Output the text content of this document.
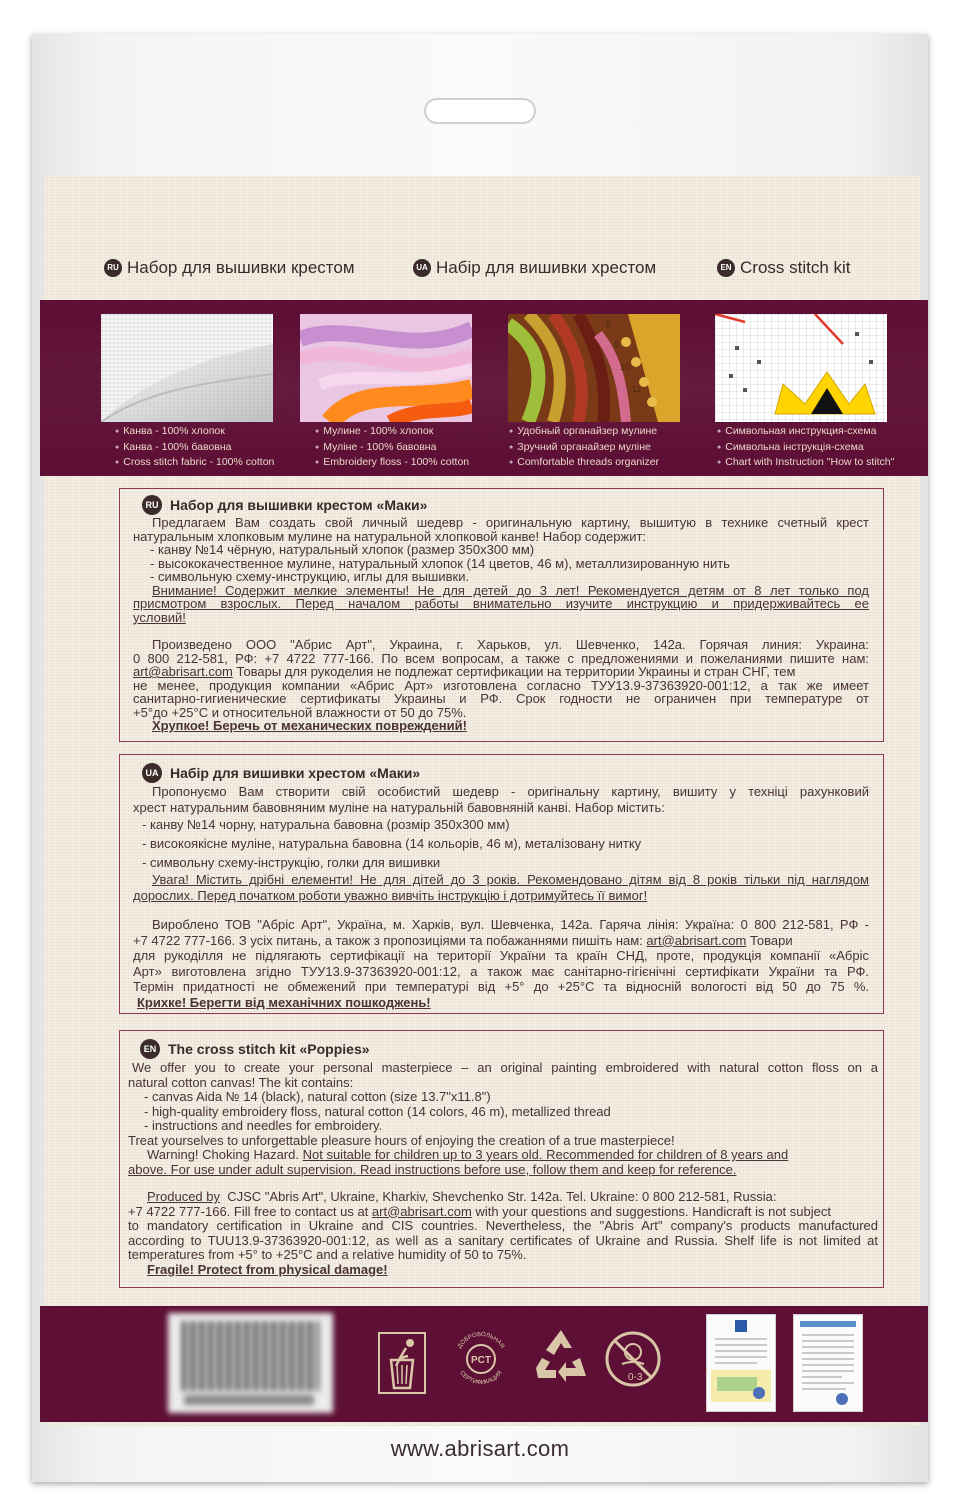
RU Набор для вышивки крестом	UA Набір для вишивки хрестом	EN Cross stitch kit
8
9
10
11
● Канва - 100% хлопок
● Канва - 100% бавовна
● Cross stitch fabric - 100% cotton
● Мулине - 100% хлопок
● Муліне - 100% бавовна
● Embroidery floss - 100% cotton
● Удобный органайзер мулине
● Зручний органайзер муліне
● Comfortable threads organizer
● Символьная инструкция-схема
● Символьна інструкція-схема
● Chart with Instruction "How to stitch"
RU Набор для вышивки крестом «Маки»
Предлагаем Вам создать свой личный шедевр - оригинальную картину, вышитую в технике счетный крест
натуральным хлопковым мулине на натуральной хлопковой канве! Набор содержит:
- канву №14 чёрную, натуральный хлопок (размер 350x300 мм)
- высококачественное мулине, натуральный хлопок (14 цветов, 46 м), металлизированную нить
- символьную схему-инструкцию, иглы для вышивки.
Внимание! Содержит мелкие элементы! Не для детей до 3 лет! Рекомендуется детям от 8 лет только под
присмотром взрослых. Перед началом работы внимательно изучите инструкцию и придерживайтесь ее
условий!
Произведено ООО "Абрис Арт", Украина, г. Харьков, ул. Шевченко, 142а. Горячая линия: Украина:
0 800 212-581, РФ: +7 4722 777-166. По всем вопросам, а также с предложениями и пожеланиями пишите нам:
art@abrisart.com Товары для рукоделия не подлежат сертификации на территории Украины и стран СНГ, тем
не менее, продукция компании «Абрис Арт» изготовлена согласно ТУУ13.9-37363920-001:12, а так же имеет
санитарно-гигиенические сертификаты Украины и РФ. Срок годности не ограничен при температуре от
+5°до +25°С и относительной влажности от 50 до 75%.
Хрупкое! Беречь от механических повреждений!
UA Набір для вишивки хрестом «Маки»
Пропонуємо Вам створити свій особистий шедевр - оригінальну картину, вишиту у техніці рахунковий
хрест натуральним бавовняним муліне на натуральній бавовняній канві. Набор містить:
- канву №14 чорну, натуральна бавовна (розмір 350x300 мм)
- високоякісне муліне, натуральна бавовна (14 кольорів, 46 м), металізовану нитку
- символьну схему-інструкцію, голки для вишивки
Увага! Містить дрібні елементи! Не для дітей до 3 років. Рекомендовано дітям від 8 років тільки під наглядом
дорослих. Перед початком роботи уважно вивчіть інструкцію і дотримуйтесь її вимог!
Виробленo ТОВ "Абріс Арт", Україна, м. Харків, вул. Шевченка, 142а. Гаряча лінія: Україна: 0 800 212-581, РФ -
+7 4722 777-166. З усіх питань, а також з пропозиціями та побажаннями пишіть нам: art@abrisart.com Товари
для рукоділля не підлягають сертифікації на території України та країн СНД, проте, продукція компанії «Абріс
Арт» виготовлена згідно ТУУ13.9-37363920-001:12, а також має санітарно-гігієнічні сертифікати України та РФ.
Термін придатності не обмежений при температурі від +5° до +25°С та відносній вологості від 50 до 75 %.
Крихке! Берегти від механічних пошкоджень!
EN The cross stitch kit «Poppies»
We offer you to create your personal masterpiece – an original painting embroidered with natural cotton floss on a
natural cotton canvas! The kit contains:
- canvas Aida № 14 (black), natural cotton (size 13.7"x11.8")
- high-quality embroidery floss, natural cotton (14 colors, 46 m), metallized thread
- instructions and needles for embroidery.
Treat yourselves to unforgettable pleasure hours of enjoying the creation of a true masterpiece!
Warning! Choking Hazard. Not suitable for children up to 3 years old. Recommended for children of 8 years and
above. For use under adult supervision. Read instructions before use, follow them and keep for reference.
Produced by CJSC "Abris Art", Ukraine, Kharkiv, Shevchenko Str. 142a. Tel. Ukraine: 0 800 212-581, Russia:
+7 4722 777-166. Fill free to contact us at art@abrisart.com with your questions and suggestions. Handicraft is not subject
to mandatory certification in Ukraine and CIS countries. Nevertheless, the "Abris Art" company's products manufactured
according to TUU13.9-37363920-001:12, as well as a sanitary certificates of Ukraine and Russia. Shelf life is not limited at
temperatures from +5° to +25°C and a relative humidity of 50 to 75%.
Fragile! Protect from physical damage!
PCT
ДОБРОВОЛЬНАЯ
СЕРТИФИКАЦИЯ	0-3
www.abrisart.com
